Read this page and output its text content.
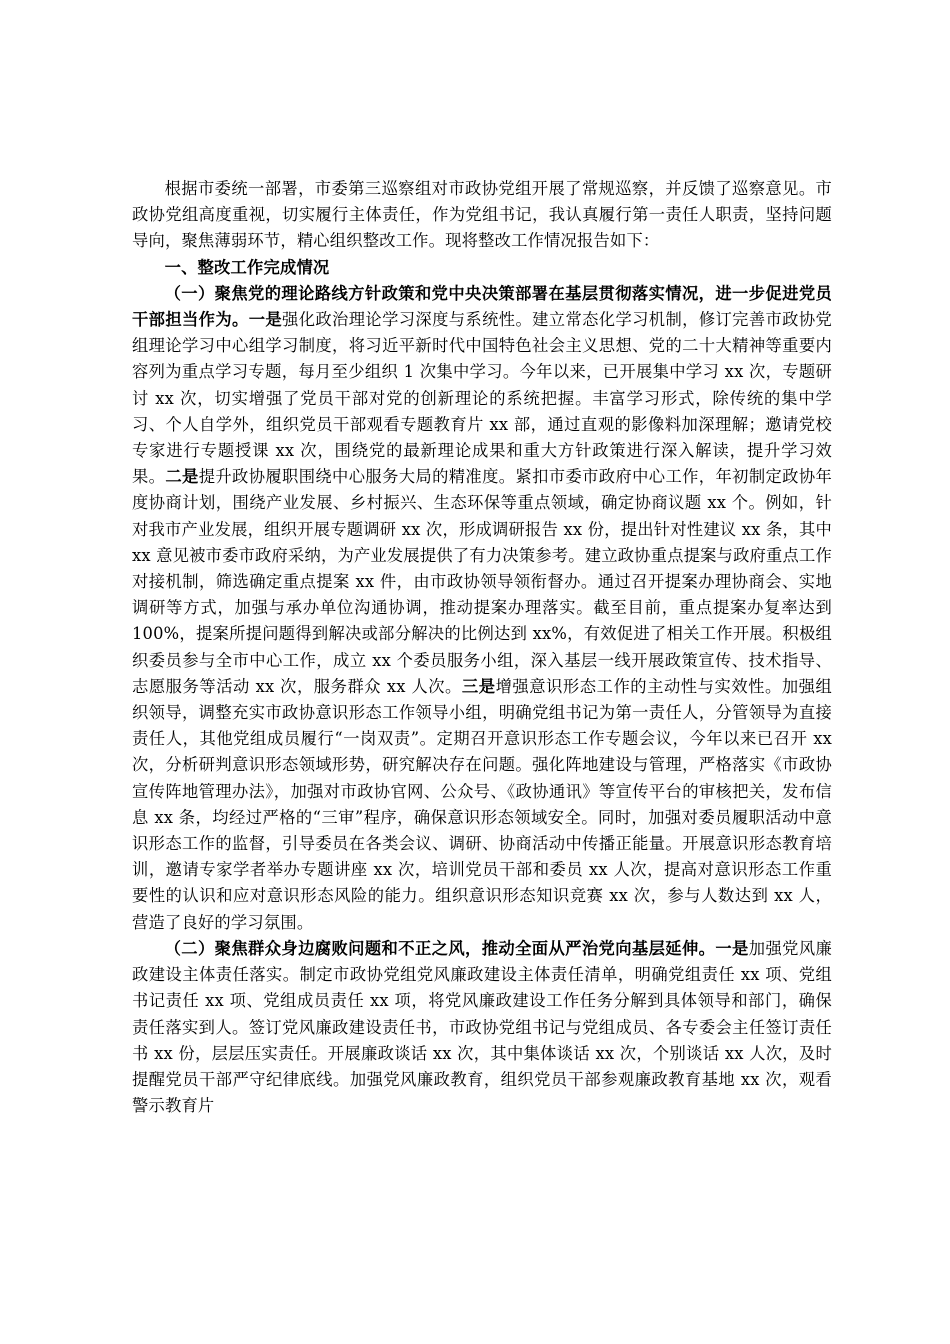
根据市委统一部署，市委第三巡察组对市政协党组开展了常规巡察，并反馈了巡察意见。市政协党组高度重视，切实履行主体责任，作为党组书记，我认真履行第一责任人职责，坚持问题导向，聚焦薄弱环节，精心组织整改工作。现将整改工作情况报告如下：

一、整改工作完成情况

（一）聚焦党的理论路线方针政策和党中央决策部署在基层贯彻落实情况，进一步促进党员干部担当作为。一是强化政治理论学习深度与系统性。建立常态化学习机制，修订完善市政协党组理论学习中心组学习制度，将习近平新时代中国特色社会主义思想、党的二十大精神等重要内容列为重点学习专题，每月至少组织 1 次集中学习。今年以来，已开展集中学习 xx 次，专题研讨 xx 次，切实增强了党员干部对党的创新理论的系统把握。丰富学习形式，除传统的集中学习、个人自学外，组织党员干部观看专题教育片 xx 部，通过直观的影像料加深理解；邀请党校专家进行专题授课 xx 次，围绕党的最新理论成果和重大方针政策进行深入解读，提升学习效果。二是提升政协履职围绕中心服务大局的精准度。紧扣市委市政府中心工作，年初制定政协年度协商计划，围绕产业发展、乡村振兴、生态环保等重点领域，确定协商议题 xx 个。例如，针对我市产业发展，组织开展专题调研 xx 次，形成调研报告 xx 份，提出针对性建议 xx 条，其中 xx 意见被市委市政府采纳，为产业发展提供了有力决策参考。建立政协重点提案与政府重点工作对接机制，筛选确定重点提案 xx 件，由市政协领导领衔督办。通过召开提案办理协商会、实地调研等方式，加强与承办单位沟通协调，推动提案办理落实。截至目前，重点提案办复率达到 100%，提案所提问题得到解决或部分解决的比例达到 xx%，有效促进了相关工作开展。积极组织委员参与全市中心工作，成立 xx 个委员服务小组，深入基层一线开展政策宣传、技术指导、志愿服务等活动 xx 次，服务群众 xx 人次。三是增强意识形态工作的主动性与实效性。加强组织领导，调整充实市政协意识形态工作领导小组，明确党组书记为第一责任人，分管领导为直接责任人，其他党组成员履行“一岗双责”。定期召开意识形态工作专题会议，今年以来已召开 xx 次，分析研判意识形态领域形势，研究解决存在问题。强化阵地建设与管理，严格落实《市政协宣传阵地管理办法》，加强对市政协官网、公众号、《政协通讯》等宣传平台的审核把关，发布信息 xx 条，均经过严格的“三审”程序，确保意识形态领域安全。同时，加强对委员履职活动中意识形态工作的监督，引导委员在各类会议、调研、协商活动中传播正能量。开展意识形态教育培训，邀请专家学者举办专题讲座 xx 次，培训党员干部和委员 xx 人次，提高对意识形态工作重要性的认识和应对意识形态风险的能力。组织意识形态知识竞赛 xx 次，参与人数达到 xx 人，营造了良好的学习氛围。

（二）聚焦群众身边腐败问题和不正之风，推动全面从严治党向基层延伸。一是加强党风廉政建设主体责任落实。制定市政协党组党风廉政建设主体责任清单，明确党组责任 xx 项、党组书记责任 xx 项、党组成员责任 xx 项，将党风廉政建设工作任务分解到具体领导和部门，确保责任落实到人。签订党风廉政建设责任书，市政协党组书记与党组成员、各专委会主任签订责任书 xx 份，层层压实责任。开展廉政谈话 xx 次，其中集体谈话 xx 次，个别谈话 xx 人次，及时提醒党员干部严守纪律底线。加强党风廉政教育，组织党员干部参观廉政教育基地 xx 次，观看警示教育片
